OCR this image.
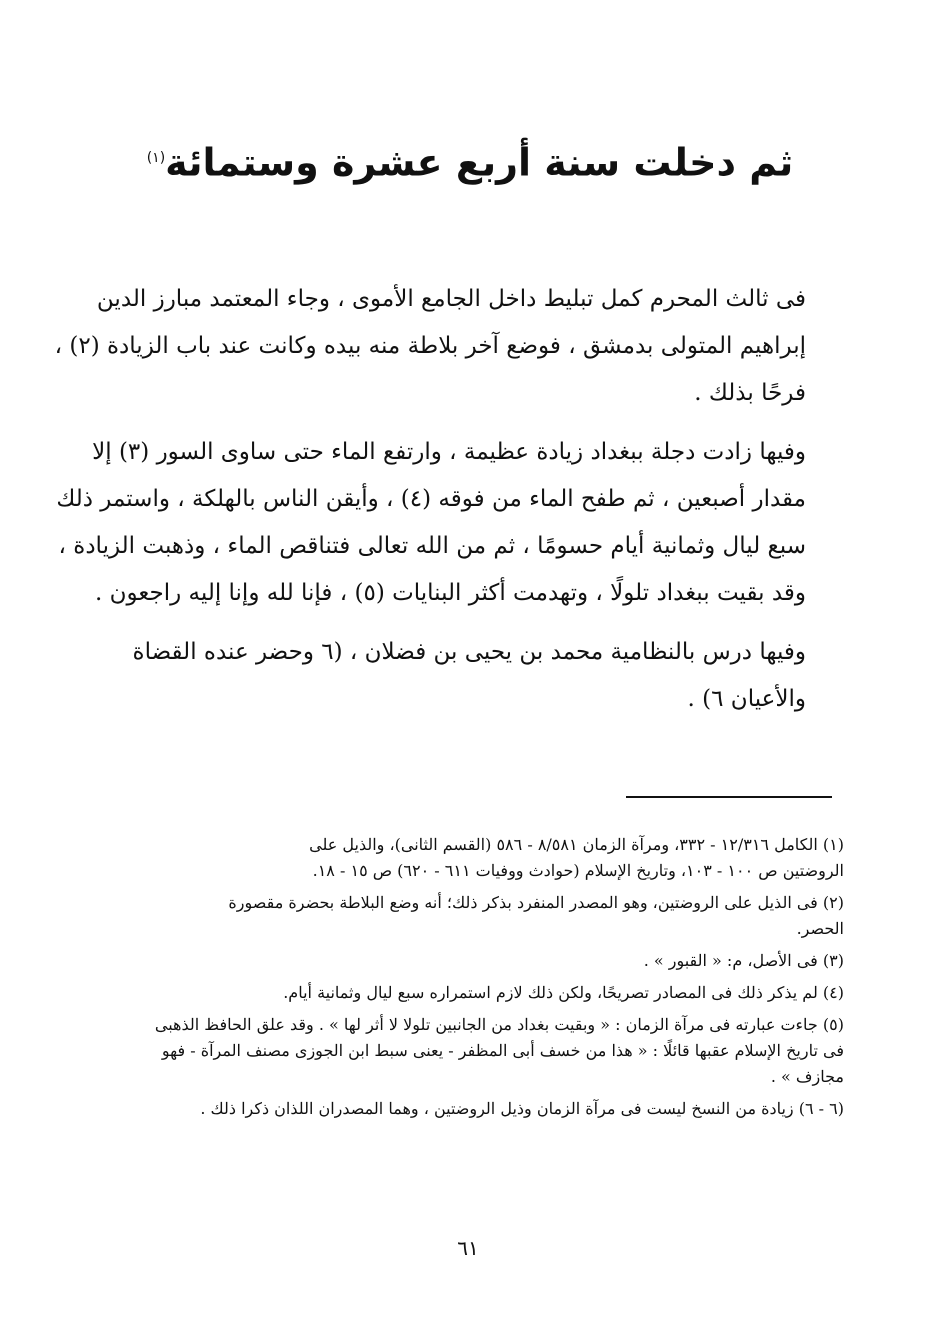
ثم دخلت سنة أربع عشرة وستمائة$^{(١)}$

فى ثالث المحرم كمل تبليط داخل الجامع الأموى ، وجاء المعتمد مبارز الدين
إبراهيم المتولى بدمشق ، فوضع آخر بلاطة منه بيده وكانت عند باب الزيادة (٢) ،
فرحًا بذلك .

وفيها زادت دجلة ببغداد زيادة عظيمة ، وارتفع الماء حتى ساوى السور (٣) إلا
مقدار أصبعين ، ثم طفح الماء من فوقه (٤) ، وأيقن الناس بالهلكة ، واستمر ذلك
سبع ليال وثمانية أيام حسومًا ، ثم من الله تعالى فتناقص الماء ، وذهبت الزيادة ،
وقد بقيت ببغداد تلولًا ، وتهدمت أكثر البنايات (٥) ، فإنا لله وإنا إليه راجعون .

وفيها درس بالنظامية محمد بن يحيى بن فضلان ، (٦ وحضر عنده القضاة
والأعيان ٦) .

(١) الكامل ١٢/٣١٦ - ٣٣٢، ومرآة الزمان ٨/٥٨١ - ٥٨٦ (القسم الثانى)، والذيل على
الروضتين ص ١٠٠ - ١٠٣، وتاريخ الإسلام (حوادث ووفيات ٦١١ - ٦٢٠) ص ١٥ - ١٨.
(٢) فى الذيل على الروضتين، وهو المصدر المنفرد بذكر ذلك؛ أنه وضع البلاطة بحضرة مقصورة
الحصر.
(٣) فى الأصل، م: « القبور » .
(٤) لم يذكر ذلك فى المصادر تصريحًا، ولكن ذلك لازم استمراره سبع ليال وثمانية أيام.
(٥) جاءت عبارته فى مرآة الزمان : « وبقيت بغداد من الجانبين تلولا لا أثر لها » . وقد علق الحافظ الذهبى
فى تاريخ الإسلام عقبها قائلًا : « هذا من خسف أبى المظفر - يعنى سبط ابن الجوزى مصنف المرآة - فهو
مجازف » .
(٦ - ٦) زيادة من النسخ ليست فى مرآة الزمان وذيل الروضتين ، وهما المصدران اللذان ذكرا ذلك .
٦١
